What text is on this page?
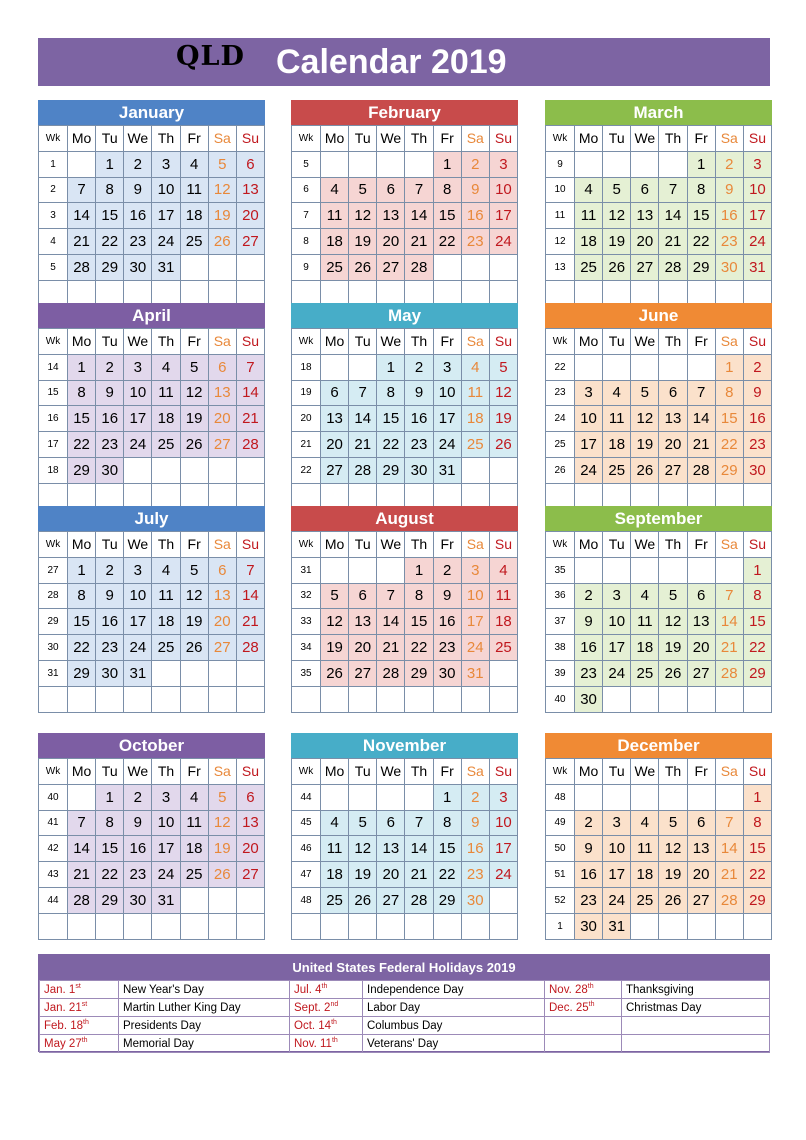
QLD Calendar 2019
January
Wk	Mo	Tu	We	Th	Fr	Sa	Su
1		1	2	3	4	5	6
2	7	8	9	10	11	12	13
3	14	15	16	17	18	19	20
4	21	22	23	24	25	26	27
5	28	29	30	31			

February
Wk	Mo	Tu	We	Th	Fr	Sa	Su
5					1	2	3
6	4	5	6	7	8	9	10
7	11	12	13	14	15	16	17
8	18	19	20	21	22	23	24
9	25	26	27	28			

March
Wk	Mo	Tu	We	Th	Fr	Sa	Su
9					1	2	3
10	4	5	6	7	8	9	10
11	11	12	13	14	15	16	17
12	18	19	20	21	22	23	24
13	25	26	27	28	29	30	31

April
Wk	Mo	Tu	We	Th	Fr	Sa	Su
14	1	2	3	4	5	6	7
15	8	9	10	11	12	13	14
16	15	16	17	18	19	20	21
17	22	23	24	25	26	27	28
18	29	30					

May
Wk	Mo	Tu	We	Th	Fr	Sa	Su
18			1	2	3	4	5
19	6	7	8	9	10	11	12
20	13	14	15	16	17	18	19
21	20	21	22	23	24	25	26
22	27	28	29	30	31		

June
Wk	Mo	Tu	We	Th	Fr	Sa	Su
22						1	2
23	3	4	5	6	7	8	9
24	10	11	12	13	14	15	16
25	17	18	19	20	21	22	23
26	24	25	26	27	28	29	30

July
Wk	Mo	Tu	We	Th	Fr	Sa	Su
27	1	2	3	4	5	6	7
28	8	9	10	11	12	13	14
29	15	16	17	18	19	20	21
30	22	23	24	25	26	27	28
31	29	30	31				

August
Wk	Mo	Tu	We	Th	Fr	Sa	Su
31				1	2	3	4
32	5	6	7	8	9	10	11
33	12	13	14	15	16	17	18
34	19	20	21	22	23	24	25
35	26	27	28	29	30	31	

September
Wk	Mo	Tu	We	Th	Fr	Sa	Su
35							1
36	2	3	4	5	6	7	8
37	9	10	11	12	13	14	15
38	16	17	18	19	20	21	22
39	23	24	25	26	27	28	29
40	30						
October
Wk	Mo	Tu	We	Th	Fr	Sa	Su
40		1	2	3	4	5	6
41	7	8	9	10	11	12	13
42	14	15	16	17	18	19	20
43	21	22	23	24	25	26	27
44	28	29	30	31			

November
Wk	Mo	Tu	We	Th	Fr	Sa	Su
44					1	2	3
45	4	5	6	7	8	9	10
46	11	12	13	14	15	16	17
47	18	19	20	21	22	23	24
48	25	26	27	28	29	30	

December
Wk	Mo	Tu	We	Th	Fr	Sa	Su
48							1
49	2	3	4	5	6	7	8
50	9	10	11	12	13	14	15
51	16	17	18	19	20	21	22
52	23	24	25	26	27	28	29
1	30	31					
United States Federal Holidays 2019
Jan. 1st	New Year's Day	Jul. 4th	Independence Day	Nov. 28th	Thanksgiving
Jan. 21st	Martin Luther King Day	Sept. 2nd	Labor Day	Dec. 25th	Christmas Day
Feb. 18th	Presidents Day	Oct. 14th	Columbus Day		
May 27th	Memorial Day	Nov. 11th	Veterans' Day		
